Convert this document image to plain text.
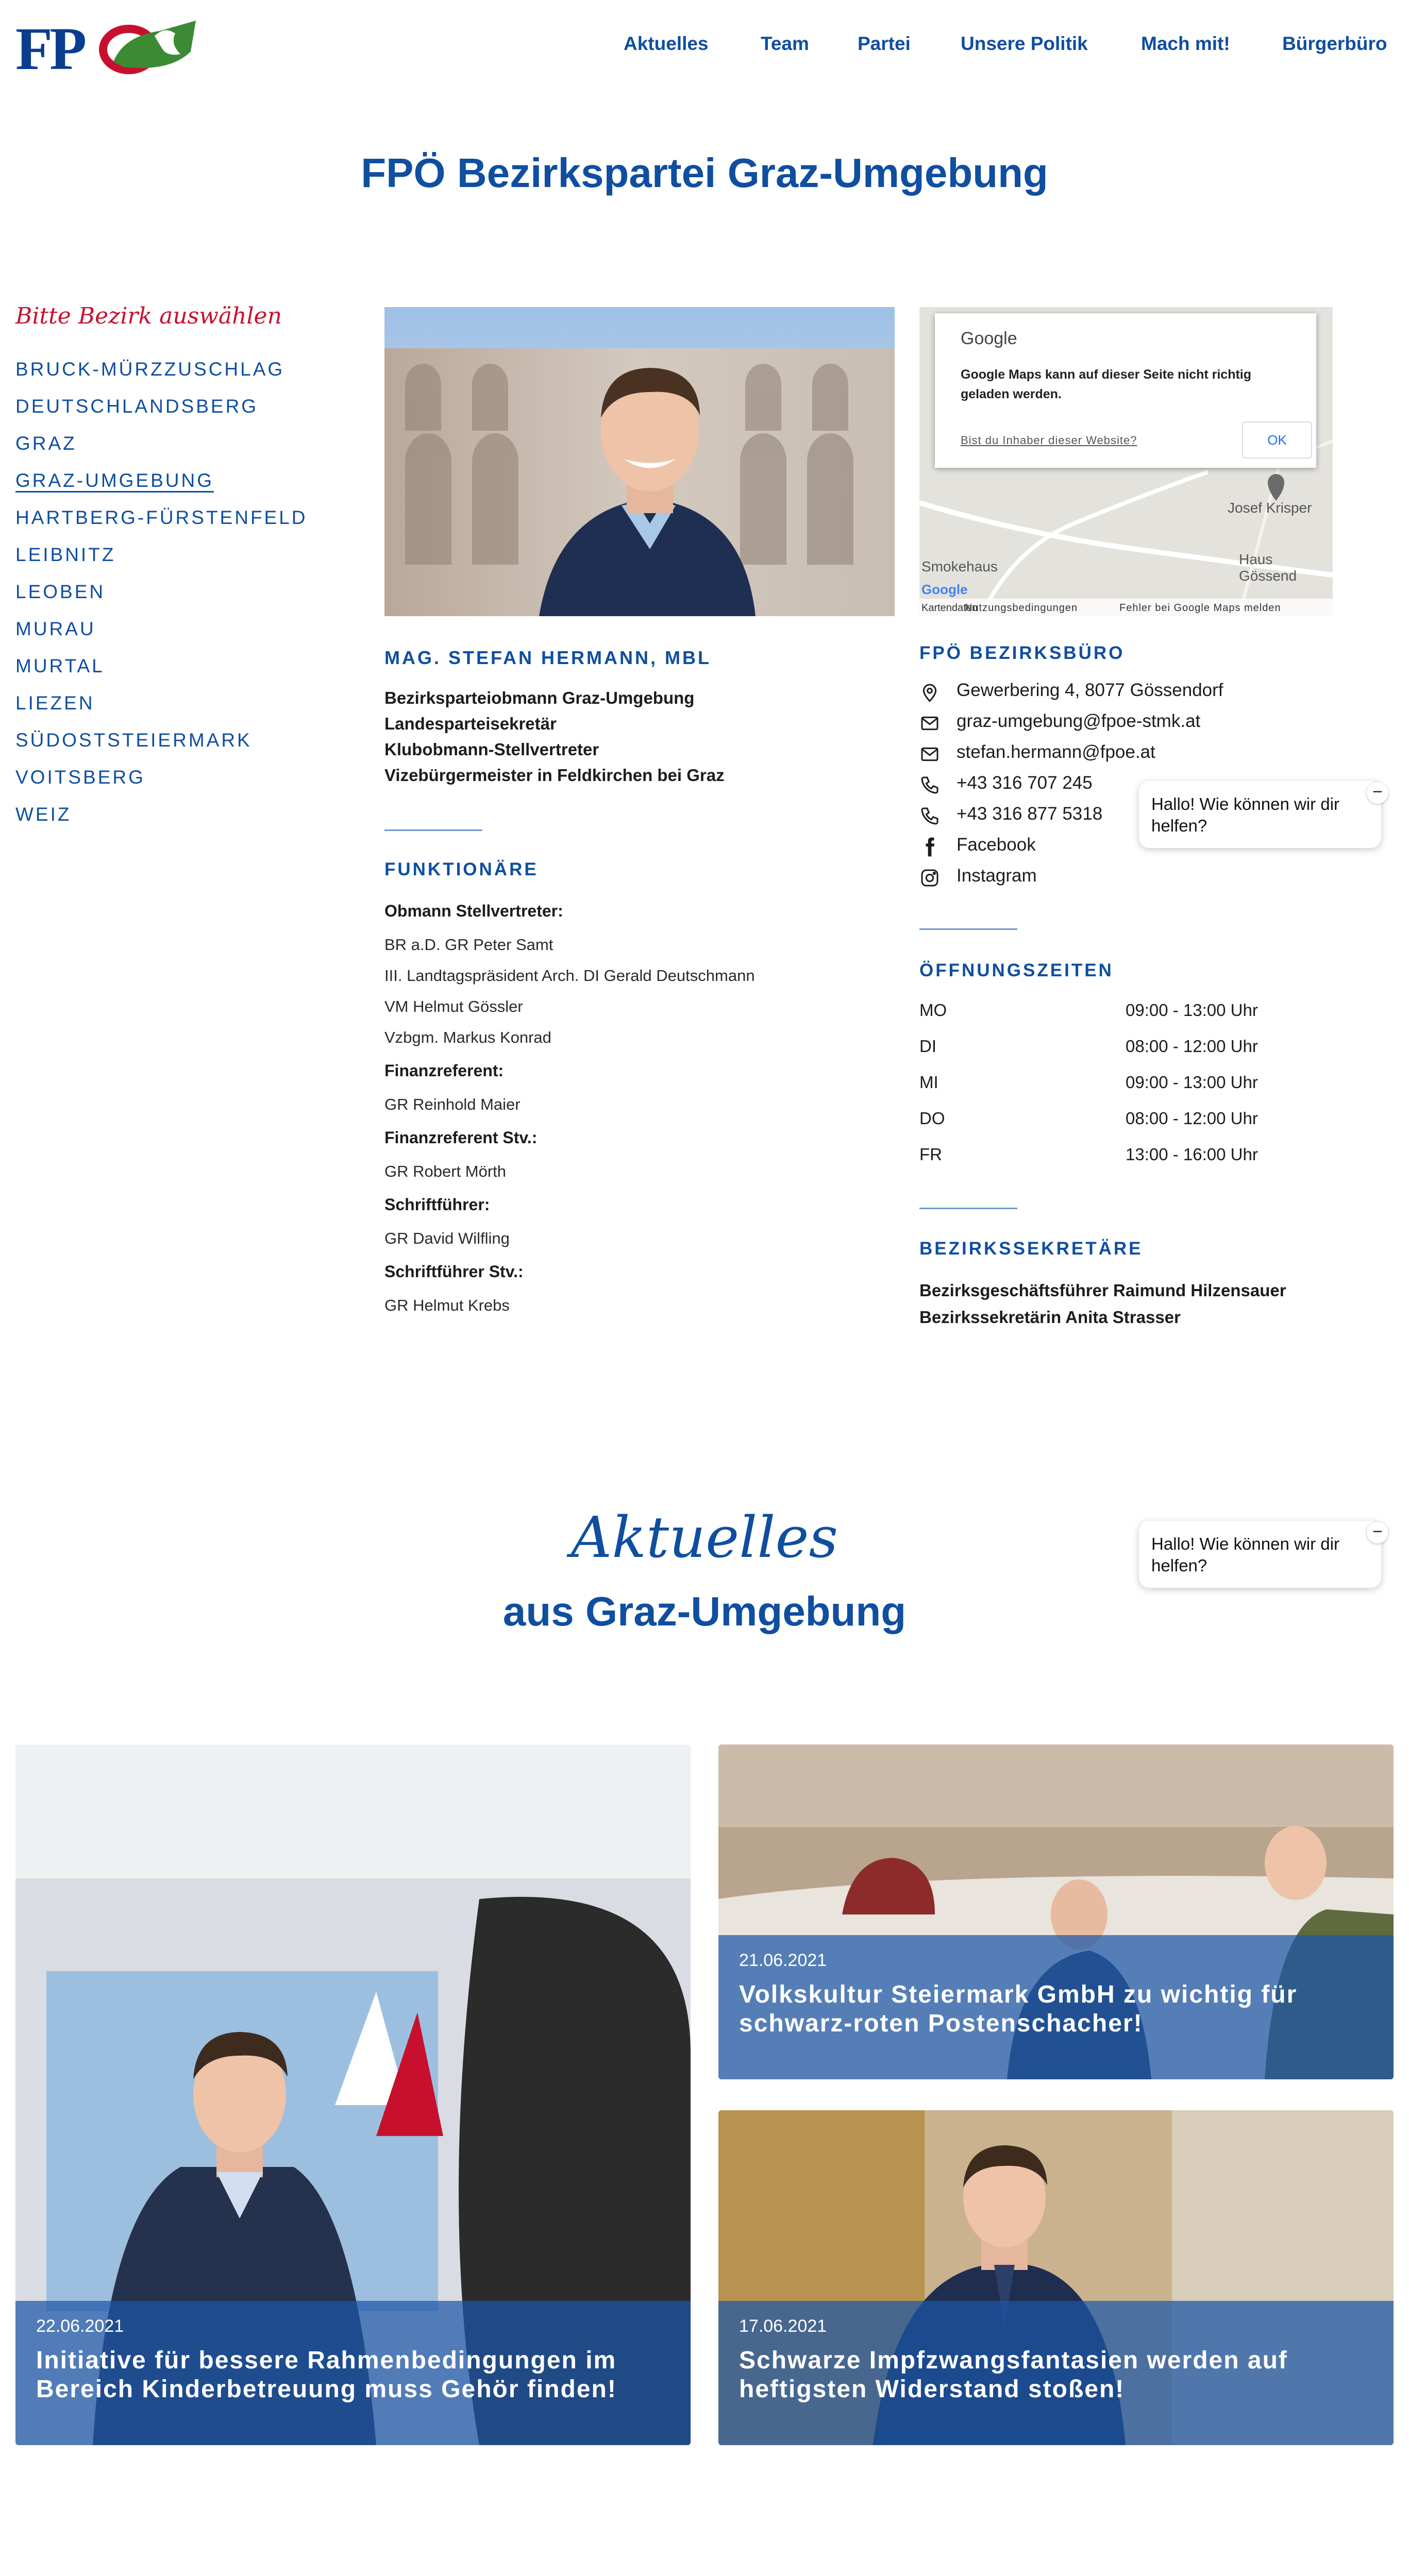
FP	Aktuelles	Team	Partei	Unsere Politik	Mach mit!	Bürgerbüro
FPÖ Bezirkspartei Graz-Umgebung
Bitte Bezirk auswählen
BRUCK-MÜRZZUSCHLAG
DEUTSCHLANDSBERG
GRAZ
GRAZ-UMGEBUNG
HARTBERG-FÜRSTENFELD
LEIBNITZ
LEOBEN
MURAU
MURTAL
LIEZEN
SÜDOSTSTEIERMARK
VOITSBERG
WEIZ
MAG. STEFAN HERMANN, MBL
Bezirksparteiobmann Graz-Umgebung
Landesparteisekretär
Klubobmann-Stellvertreter
Vizebürgermeister in Feldkirchen bei Graz
FUNKTIONÄRE
Obmann Stellvertreter:
BR a.D. GR Peter Samt
III. Landtagspräsident Arch. DI Gerald Deutschmann
VM Helmut Gössler
Vzbgm. Markus Konrad
Finanzreferent:
GR Reinhold Maier
Finanzreferent Stv.:
GR Robert Mörth
Schriftführer:
GR David Wilfling
Schriftführer Stv.:
GR Helmut Krebs
Josef Krisper
Haus Gössend
Smokehaus
Google
Google Maps kann auf dieser Seite nicht richtig geladen werden.
Bist du Inhaber dieser Website?	OK
Google
Kartendaten
Nutzungsbedingungen	Fehler bei Google Maps melden
FPÖ BEZIRKSBÜRO
Gewerbering 4, 8077 Gössendorf
graz-umgebung@fpoe-stmk.at
stefan.hermann@fpoe.at
+43 316 707 245
+43 316 877 5318
Facebook
Instagram
ÖFFNUNGSZEITEN
MO	09:00 - 13:00 Uhr
DI	08:00 - 12:00 Uhr
MI	09:00 - 13:00 Uhr
DO	08:00 - 12:00 Uhr
FR	13:00 - 16:00 Uhr
BEZIRKSSEKRETÄRE
Bezirksgeschäftsführer Raimund Hilzensauer
Bezirkssekretärin Anita Strasser
Hallo! Wie können wir dir helfen?
−
Hallo! Wie können wir dir helfen?
−
Aktuelles
aus Graz-Umgebung
22.06.2021
Initiative für bessere Rahmenbedingungen im Bereich Kinderbetreuung muss Gehör finden!
21.06.2021
Volkskultur Steiermark GmbH zu wichtig für schwarz-roten Postenschacher!
17.06.2021
Schwarze Impfzwangsfantasien werden auf heftigsten Widerstand stoßen!
